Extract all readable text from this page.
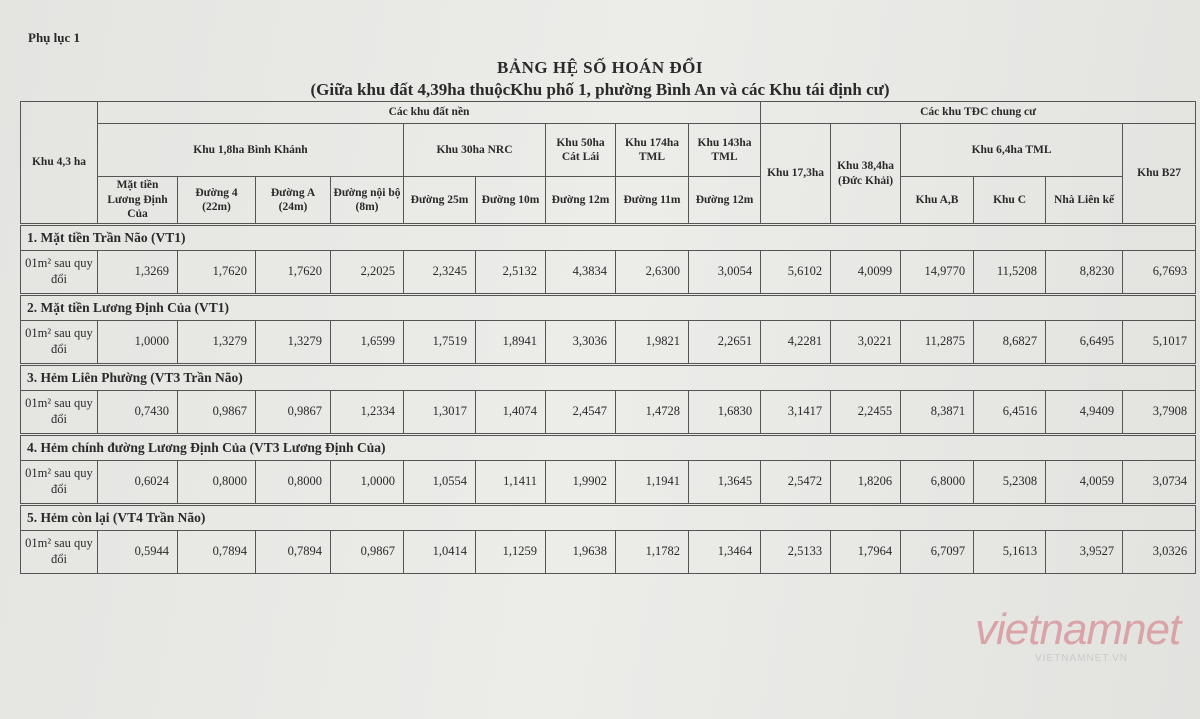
Phụ lục 1
BẢNG HỆ SỐ HOÁN ĐỔI
(Giữa khu đất 4,39ha thuộcKhu phố 1, phường Bình An và các Khu tái định cư)
Khu 4,3 ha	Các khu đất nền									Các khu TĐC chung cư					
	Khu 1,8ha Bình Khánh				Khu 30ha NRC		Khu 50ha Cát Lái	Khu 174ha TML	Khu 143ha TML	Khu 17,3ha	Khu 38,4ha (Đức Khải)	Khu 6,4ha TML			Khu B27
	Mặt tiền Lương Định Của	Đường 4 (22m)	Đường A (24m)	Đường nội bộ (8m)	Đường 25m	Đường 10m	Đường 12m	Đường 11m	Đường 12m			Khu A,B	Khu C	Nhà Liên kế	
1. Mặt tiền Trần Não (VT1)															
01m² sau quy đổi	1,3269	1,7620	1,7620	2,2025	2,3245	2,5132	4,3834	2,6300	3,0054	5,6102	4,0099	14,9770	11,5208	8,8230	6,7693
2. Mặt tiền Lương Định Của (VT1)															
01m² sau quy đổi	1,0000	1,3279	1,3279	1,6599	1,7519	1,8941	3,3036	1,9821	2,2651	4,2281	3,0221	11,2875	8,6827	6,6495	5,1017
3. Hẻm Liên Phường (VT3 Trần Não)															
01m² sau quy đổi	0,7430	0,9867	0,9867	1,2334	1,3017	1,4074	2,4547	1,4728	1,6830	3,1417	2,2455	8,3871	6,4516	4,9409	3,7908
4. Hẻm chính đường Lương Định Của (VT3 Lương Định Của)															
01m² sau quy đổi	0,6024	0,8000	0,8000	1,0000	1,0554	1,1411	1,9902	1,1941	1,3645	2,5472	1,8206	6,8000	5,2308	4,0059	3,0734
5. Hẻm còn lại (VT4 Trần Não)															
01m² sau quy đổi	0,5944	0,7894	0,7894	0,9867	1,0414	1,1259	1,9638	1,1782	1,3464	2,5133	1,7964	6,7097	5,1613	3,9527	3,0326
vietnamnet
VIETNAMNET.VN
